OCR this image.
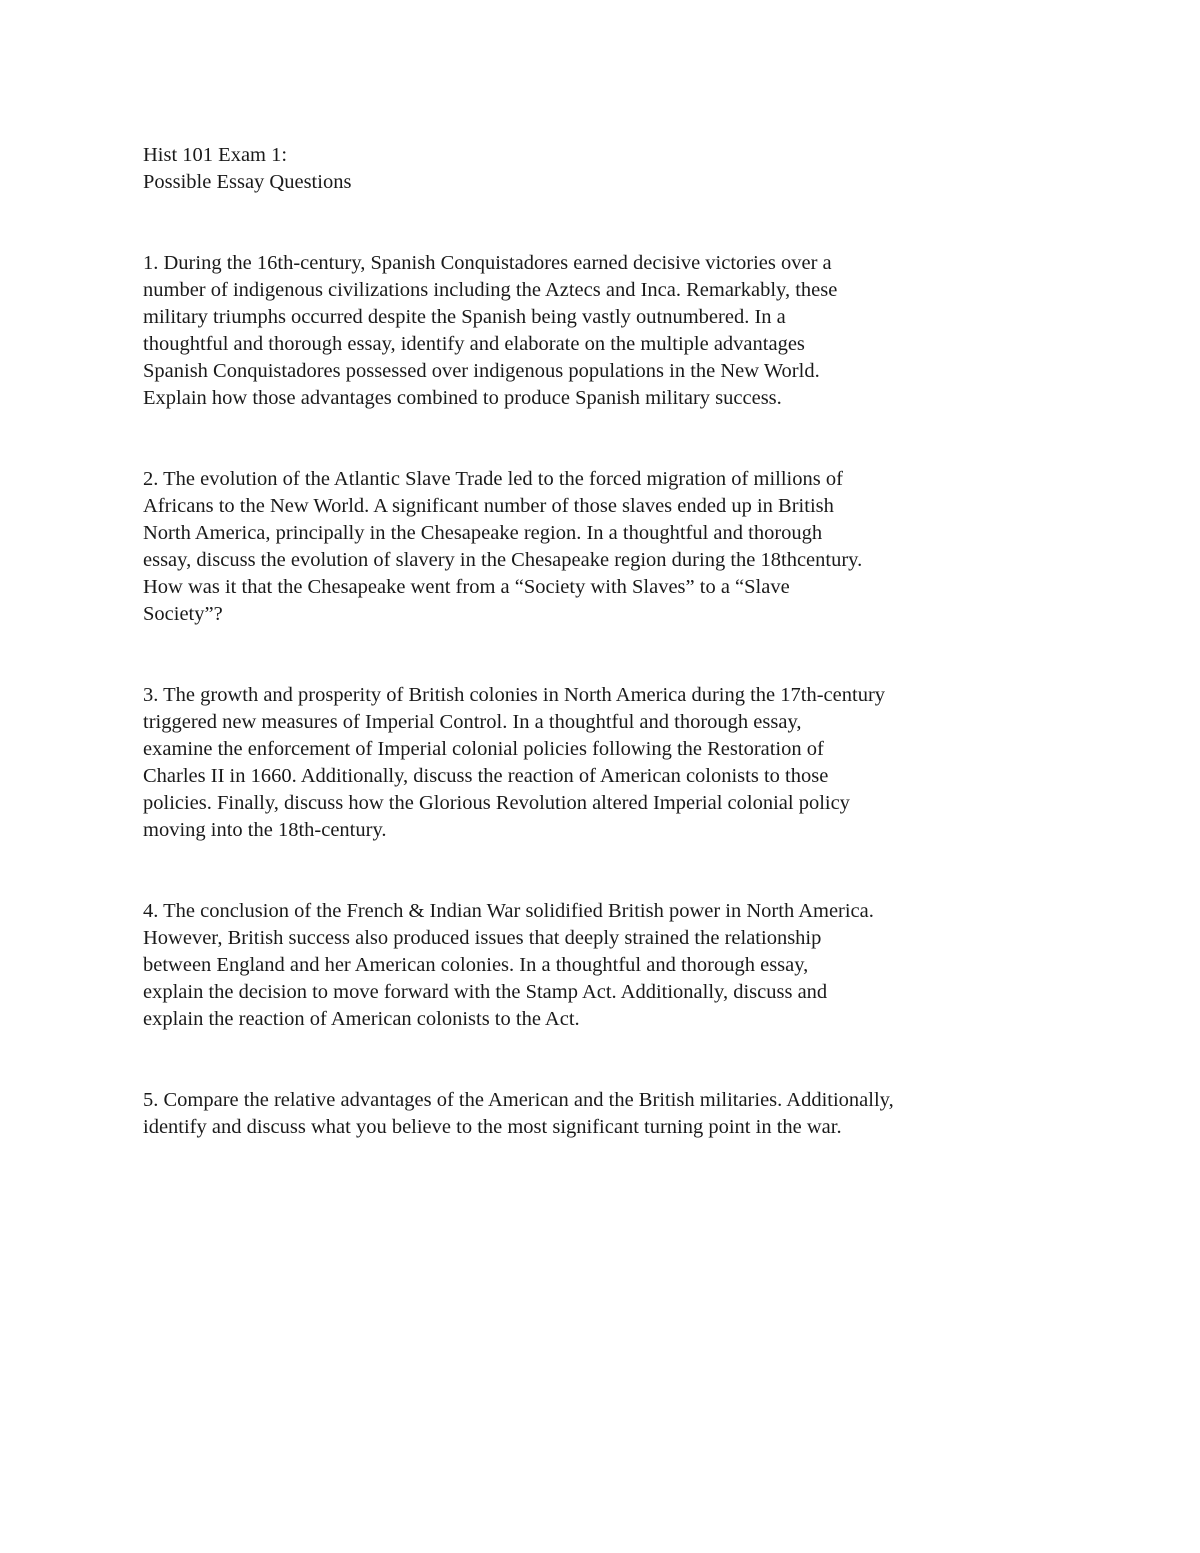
Hist 101 Exam 1:
Possible Essay Questions
1. During the 16th-century, Spanish Conquistadores earned decisive victories over a
number of indigenous civilizations including the Aztecs and Inca. Remarkably, these
military triumphs occurred despite the Spanish being vastly outnumbered. In a
thoughtful and thorough essay, identify and elaborate on the multiple advantages
Spanish Conquistadores possessed over indigenous populations in the New World.
Explain how those advantages combined to produce Spanish military success.
2. The evolution of the Atlantic Slave Trade led to the forced migration of millions of
Africans to the New World. A significant number of those slaves ended up in British
North America, principally in the Chesapeake region. In a thoughtful and thorough
essay, discuss the evolution of slavery in the Chesapeake region during the 18thcentury.
How was it that the Chesapeake went from a “Society with Slaves” to a “Slave
Society”?
3. The growth and prosperity of British colonies in North America during the 17th-century
triggered new measures of Imperial Control. In a thoughtful and thorough essay,
examine the enforcement of Imperial colonial policies following the Restoration of
Charles II in 1660. Additionally, discuss the reaction of American colonists to those
policies. Finally, discuss how the Glorious Revolution altered Imperial colonial policy
moving into the 18th-century.
4. The conclusion of the French & Indian War solidified British power in North America.
However, British success also produced issues that deeply strained the relationship
between England and her American colonies. In a thoughtful and thorough essay,
explain the decision to move forward with the Stamp Act. Additionally, discuss and
explain the reaction of American colonists to the Act.
5. Compare the relative advantages of the American and the British militaries. Additionally,
identify and discuss what you believe to the most significant turning point in the war.
